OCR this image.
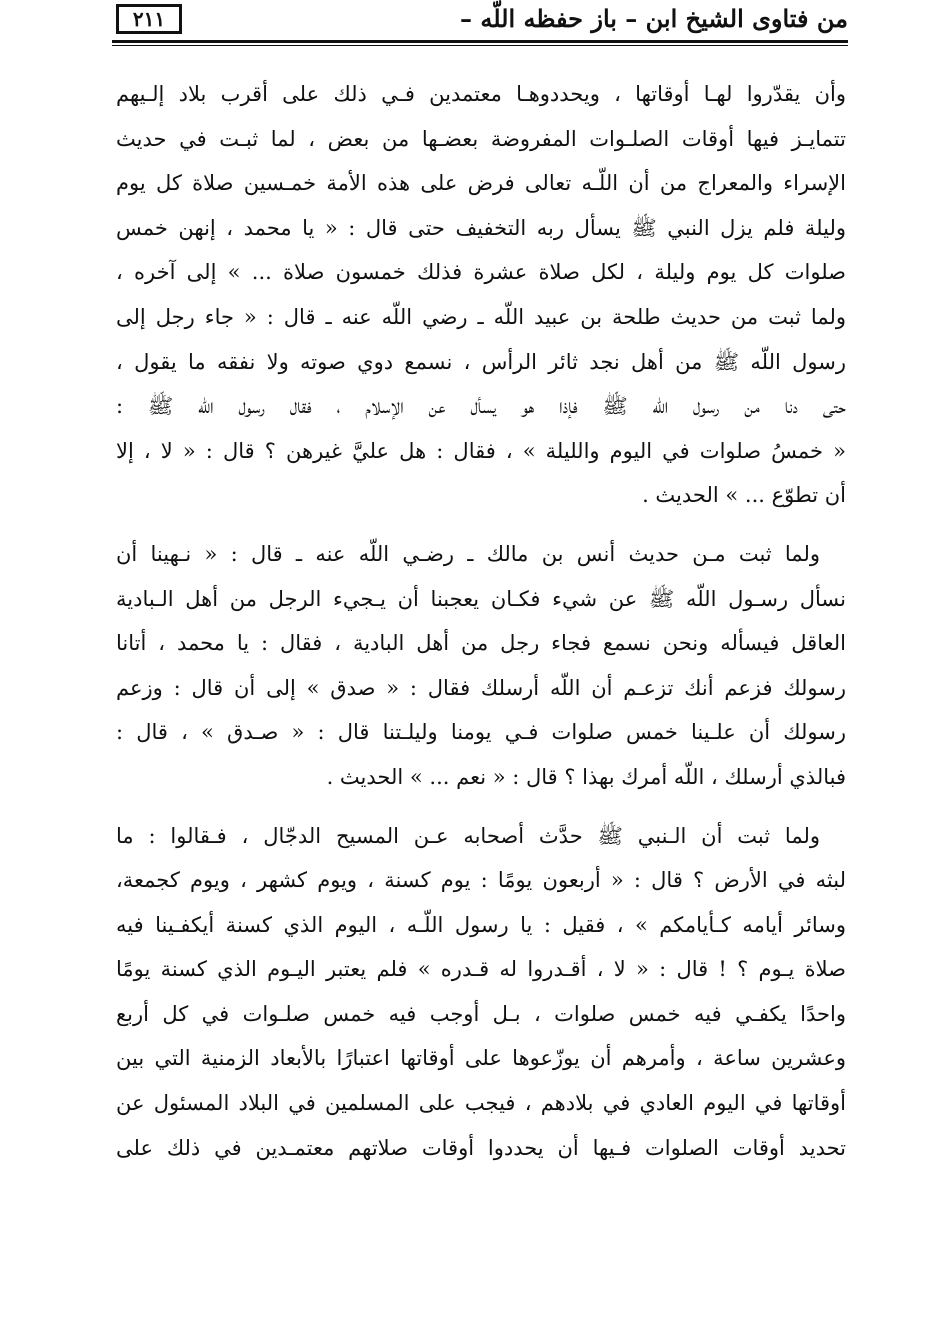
من فتاوى الشيخ ابن – باز حفظه اللّه –
٢١١
وأن يقدّروا لهـا أوقاتها ، ويحددوهـا معتمدين فـي ذلك على أقرب بلاد إلـيهم
تتمايـز فيها أوقات الصلـوات المفروضة بعضـها من بعض ، لما ثبـت في حديث
الإسراء والمعراج من أن اللّـه تعالى فرض على هذه الأمة خمـسين صلاة كل يوم
وليلة فلم يزل النبي ﷺ يسأل ربه التخفيف حتى قال : « يا محمد ، إنهن خمس
صلوات كل يوم وليلة ، لكل صلاة عشرة فذلك خمسون صلاة ... » إلى آخره ،
ولما ثبت من حديث طلحة بن عبيد اللّه ـ رضي اللّه عنه ـ قال : « جاء رجل إلى
رسول اللّه ﷺ من أهل نجد ثائر الرأس ، نسمع دوي صوته ولا نفقه ما يقول ،
حتى دنا من رسول اللّه ﷺ فإذا هو يسأل عن الإسلام ، فقال رسول اللّه ﷺ :
« خمسُ صلوات في اليوم والليلة » ، فقال : هل عليَّ غيرهن ؟ قال : « لا ، إلا
أن تطوّع ... » الحديث .
ولما ثبت مـن حديث أنس بن مالك ـ رضـي اللّه عنه ـ قال : « نـهينا أن
نسأل رسـول اللّه ﷺ عن شيء فكـان يعجبنا أن يـجيء الرجل من أهل الـبادية
العاقل فيسأله ونحن نسمع فجاء رجل من أهل البادية ، فقال : يا محمد ، أتانا
رسولك فزعم أنك تزعـم أن اللّه أرسلك فقال : « صدق » إلى أن قال : وزعم
رسولك أن علـينا خمس صلوات فـي يومنا وليلـتنا قال : « صـدق » ، قال :
فبالذي أرسلك ، اللّه أمرك بهذا ؟ قال : « نعم ... » الحديث .
ولما ثبت أن الـنبي ﷺ حدَّث أصحابه عـن المسيح الدجّال ، فـقالوا : ما
لبثه في الأرض ؟ قال : « أربعون يومًا : يوم كسنة ، ويوم كشهر ، ويوم كجمعة،
وسائر أيامه كـأيامكم » ، فقيل : يا رسول اللّـه ، اليوم الذي كسنة أيكفـينا فيه
صلاة يـوم ؟ ! قال : « لا ، أقـدروا له قـدره » فلم يعتبر اليـوم الذي كسنة يومًا
واحدًا يكفـي فيه خمس صلوات ، بـل أوجب فيه خمس صلـوات في كل أربع
وعشرين ساعة ، وأمرهم أن يوزّعوها على أوقاتها اعتبارًا بالأبعاد الزمنية التي بين
أوقاتها في اليوم العادي في بلادهم ، فيجب على المسلمين في البلاد المسئول عن
تحديد أوقات الصلوات فـيها أن يحددوا أوقات صلاتهم معتمـدين في ذلك على
